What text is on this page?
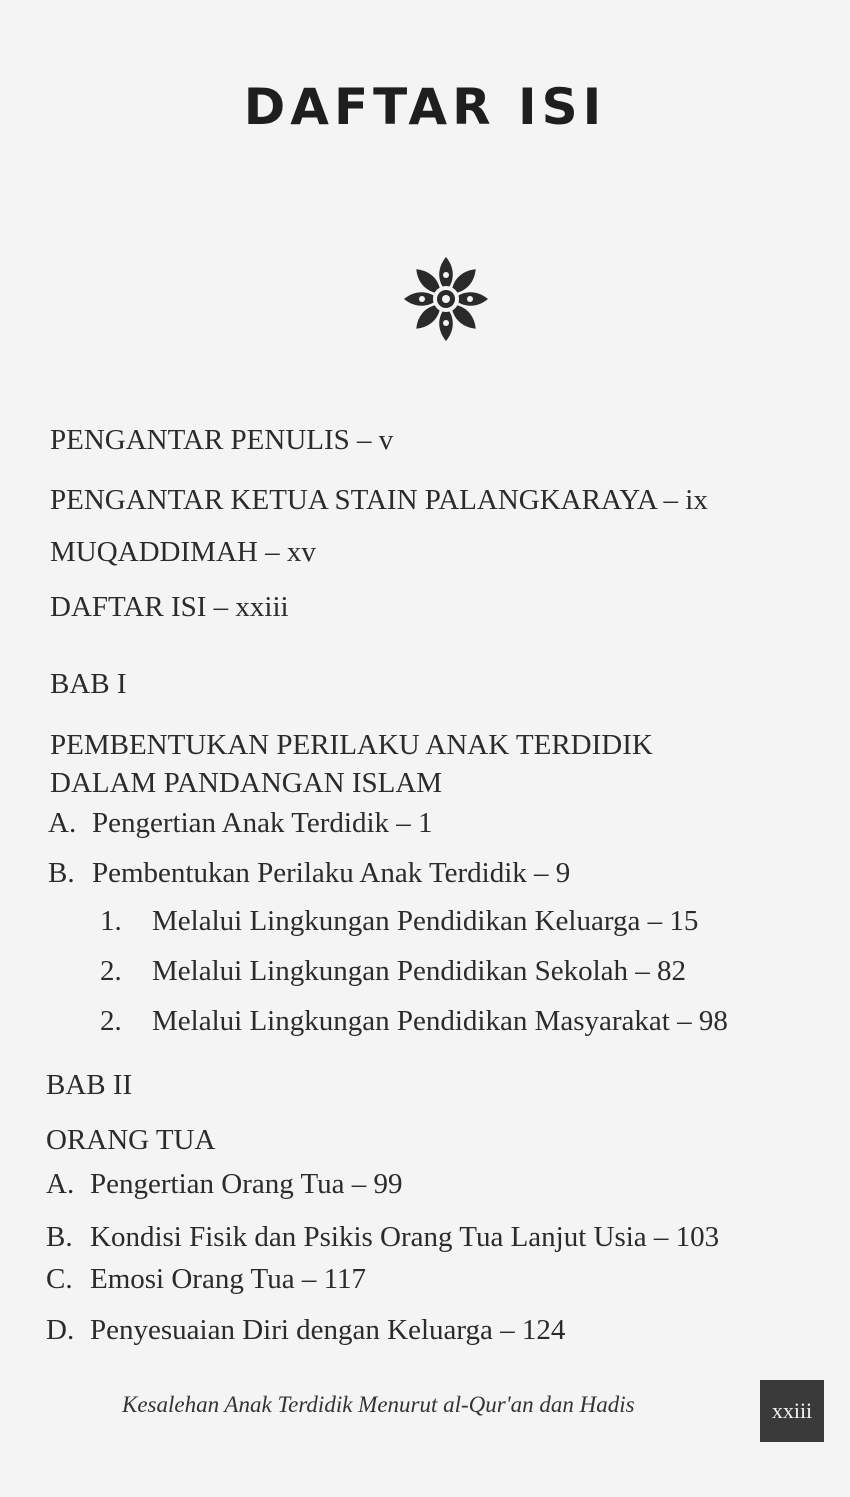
DAFTAR ISI
PENGANTAR PENULIS – v
PENGANTAR KETUA STAIN PALANGKARAYA – ix
MUQADDIMAH – xv
DAFTAR ISI – xxiii
BAB I
PEMBENTUKAN PERILAKU ANAK TERDIDIK
DALAM PANDANGAN ISLAM
A. Pengertian Anak Terdidik – 1
B. Pembentukan Perilaku Anak Terdidik – 9
1. Melalui Lingkungan Pendidikan Keluarga – 15
2. Melalui Lingkungan Pendidikan Sekolah – 82
2. Melalui Lingkungan Pendidikan Masyarakat – 98
BAB II
ORANG TUA
A. Pengertian Orang Tua – 99
B. Kondisi Fisik dan Psikis Orang Tua Lanjut Usia – 103
C. Emosi Orang Tua – 117
D. Penyesuaian Diri dengan Keluarga – 124
Kesalehan Anak Terdidik Menurut al-Qur'an dan Hadis	xxiii
